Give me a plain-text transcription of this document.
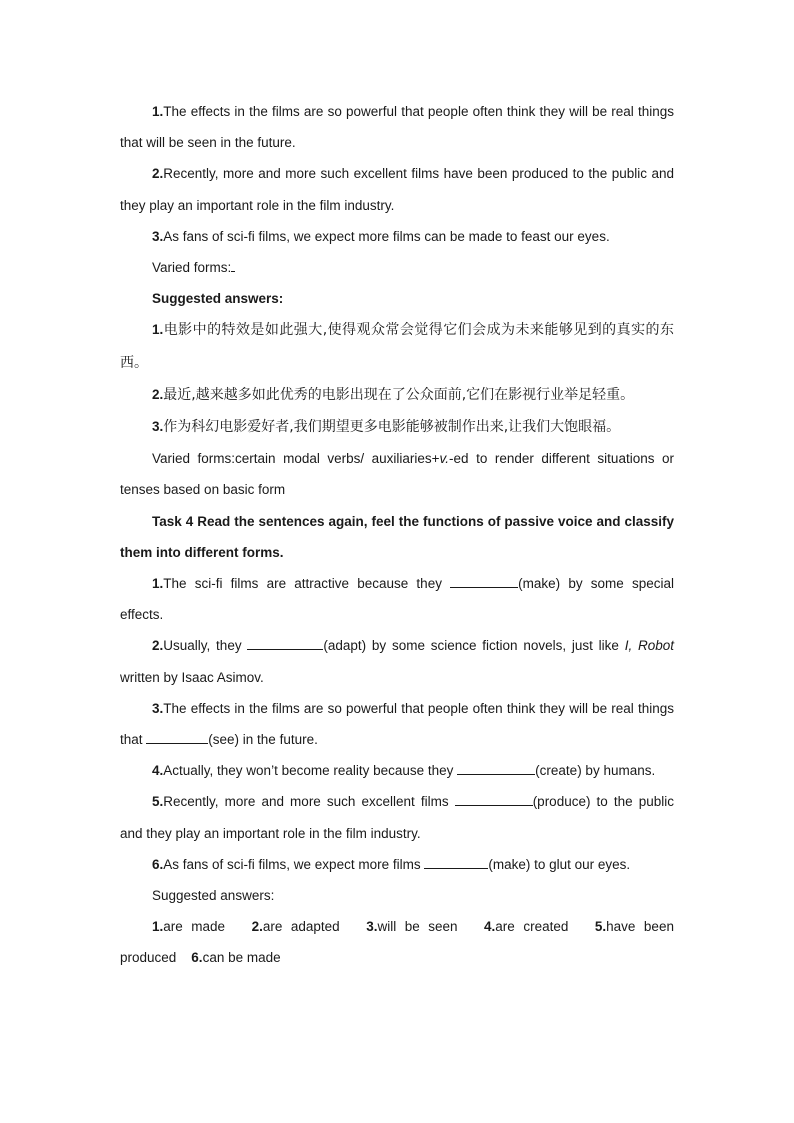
1.The effects in the films are so powerful that people often think they will be real things that will be seen in the future.

2.Recently, more and more such excellent films have been produced to the public and they play an important role in the film industry.

3.As fans of sci-fi films, we expect more films can be made to feast our eyes.

Varied forms:

Suggested answers:

1.电影中的特效是如此强大,使得观众常会觉得它们会成为未来能够见到的真实的东西。

2.最近,越来越多如此优秀的电影出现在了公众面前,它们在影视行业举足轻重。

3.作为科幻电影爱好者,我们期望更多电影能够被制作出来,让我们大饱眼福。

Varied forms:certain modal verbs/ auxiliaries+v.-ed to render different situations or tenses based on basic form

Task 4 Read the sentences again, feel the functions of passive voice and classify them into different forms.

1.The sci-fi films are attractive because they	(make) by some special effects.

2.Usually, they	(adapt) by some science fiction novels, just like I, Robot written by Isaac Asimov.

3.The effects in the films are so powerful that people often think they will be real things that	(see) in the future.

4.Actually, they won’t become reality because they	(create) by humans.

5.Recently, more and more such excellent films	(produce) to the public and they play an important role in the film industry.

6.As fans of sci-fi films, we expect more films	(make) to glut our eyes.

Suggested answers:

1.are made 2.are adapted 3.will be seen 4.are created 5.have been

produced    6.can be made
